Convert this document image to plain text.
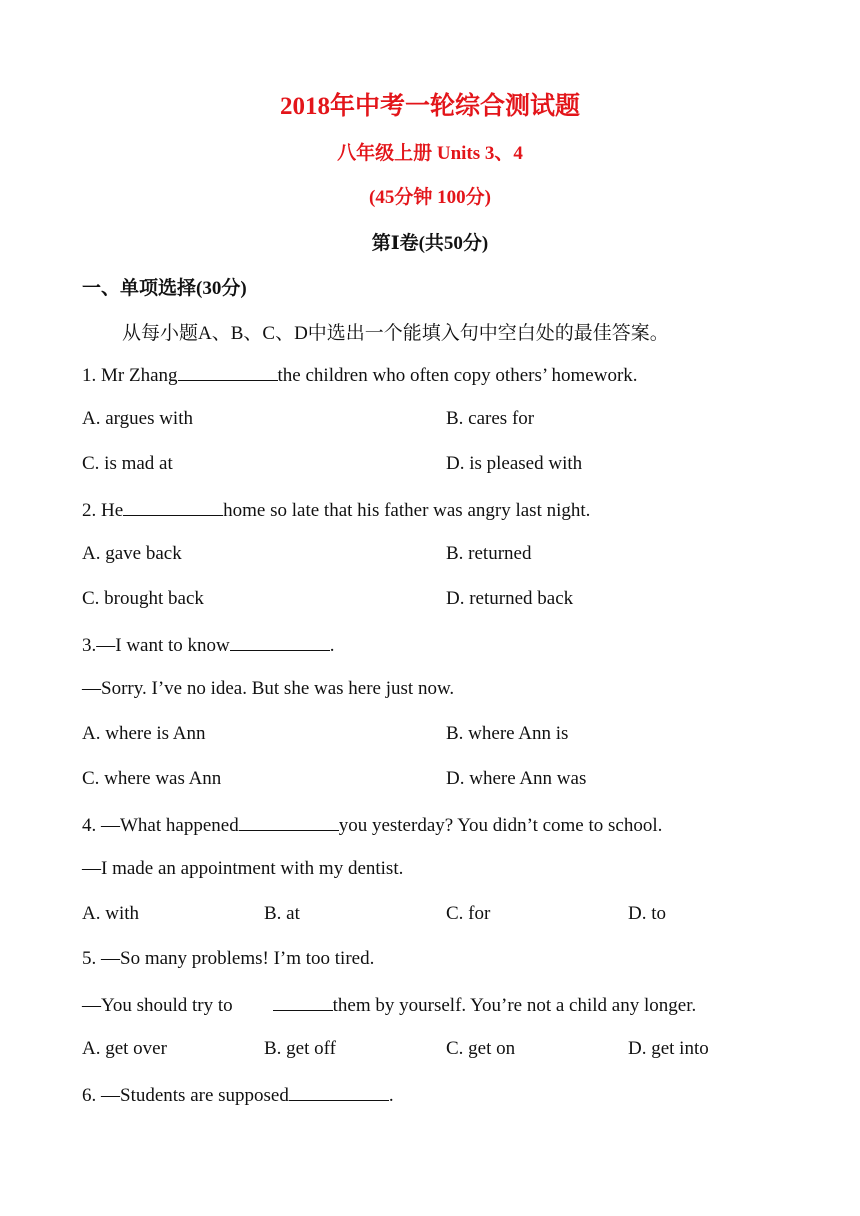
2018年中考一轮综合测试题
八年级上册 Units 3、4
(45分钟 100分)
第Ⅰ卷(共50分)
一、单项选择(30分)
从每小题A、B、C、D中选出一个能填入句中空白处的最佳答案。
1. Mr Zhang	the children who often copy others’ homework.
A. argues with	B. cares for
C. is mad at	D. is pleased with
2. He	home so late that his father was angry last night.
A. gave back	B. returned
C. brought back	D. returned back
3.—I want to know	.
—Sorry. I’ve no idea. But she was here just now.
A. where is Ann	B. where Ann is
C. where was Ann	D. where Ann was
4. —What happened	you yesterday? You didn’t come to school.
—I made an appointment with my dentist.
A. with	B. at	C. for	D. to
5. —So many problems! I’m too tired.
—You should try to	them by yourself. You’re not a child any longer.
A. get over	B. get off	C. get on	D. get into
6. —Students are supposed	.
